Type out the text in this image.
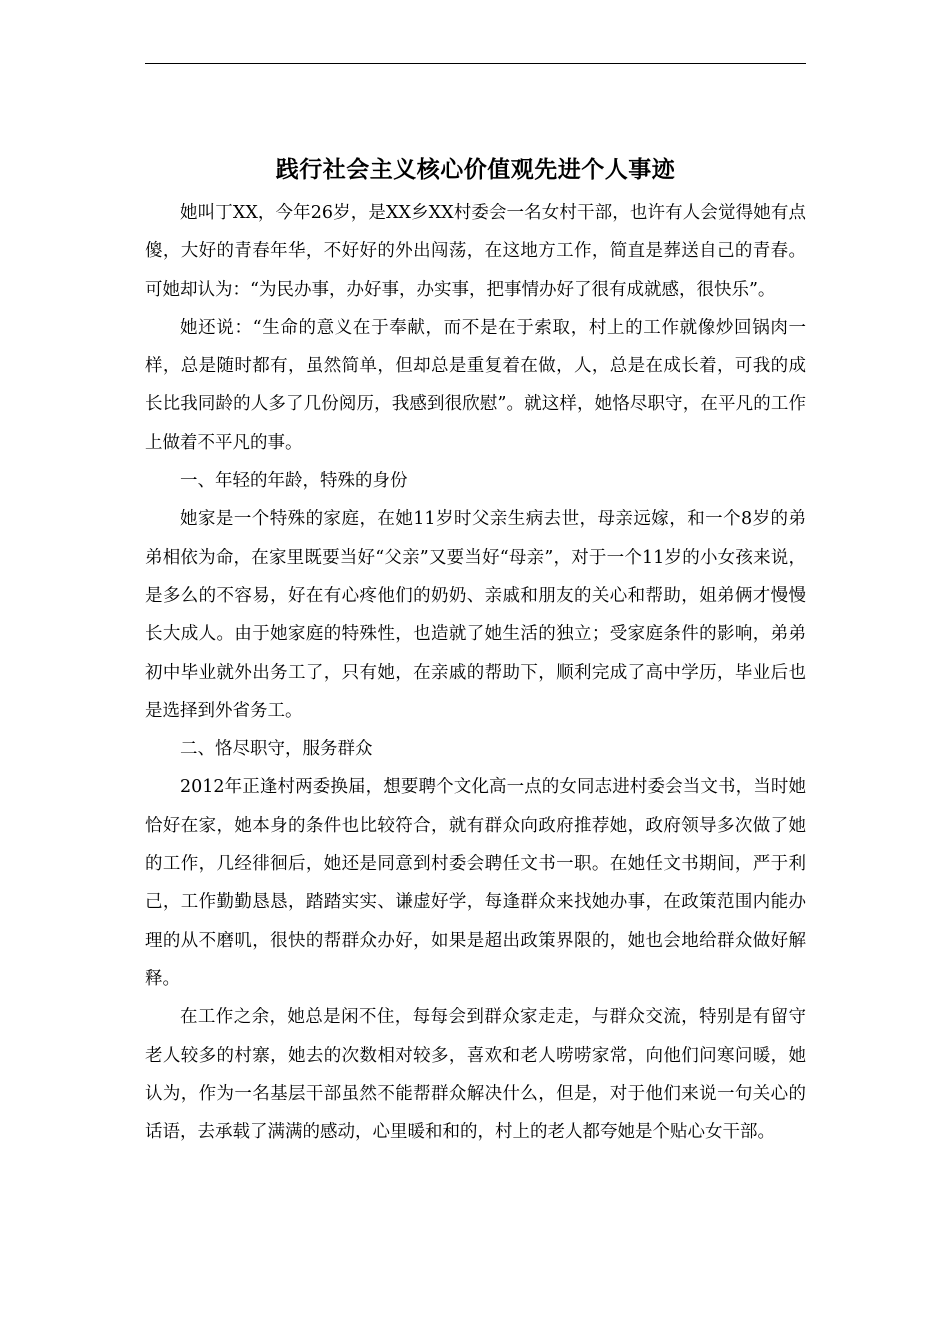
践行社会主义核心价值观先进个人事迹

她叫丁XX，今年26岁，是XX乡XX村委会一名女村干部，也许有人会觉得她有点傻，大好的青春年华，不好好的外出闯荡，在这地方工作，简直是葬送自己的青春。可她却认为：“为民办事，办好事，办实事，把事情办好了很有成就感，很快乐”。

她还说：“生命的意义在于奉献，而不是在于索取，村上的工作就像炒回锅肉一样，总是随时都有，虽然简单，但却总是重复着在做，人，总是在成长着，可我的成长比我同龄的人多了几份阅历，我感到很欣慰”。就这样，她恪尽职守，在平凡的工作上做着不平凡的事。

一、年轻的年龄，特殊的身份

她家是一个特殊的家庭，在她11岁时父亲生病去世，母亲远嫁，和一个8岁的弟弟相依为命，在家里既要当好“父亲”又要当好“母亲”，对于一个11岁的小女孩来说，是多么的不容易，好在有心疼他们的奶奶、亲戚和朋友的关心和帮助，姐弟俩才慢慢长大成人。由于她家庭的特殊性，也造就了她生活的独立；受家庭条件的影响，弟弟初中毕业就外出务工了，只有她，在亲戚的帮助下，顺利完成了高中学历，毕业后也是选择到外省务工。

二、恪尽职守，服务群众

2012年正逢村两委换届，想要聘个文化高一点的女同志进村委会当文书，当时她恰好在家，她本身的条件也比较符合，就有群众向政府推荐她，政府领导多次做了她的工作，几经徘徊后，她还是同意到村委会聘任文书一职。在她任文书期间，严于利己，工作勤勤恳恳，踏踏实实、谦虚好学，每逢群众来找她办事，在政策范围内能办理的从不磨叽，很快的帮群众办好，如果是超出政策界限的，她也会地给群众做好解释。

在工作之余，她总是闲不住，每每会到群众家走走，与群众交流，特别是有留守老人较多的村寨，她去的次数相对较多，喜欢和老人唠唠家常，向他们问寒问暖，她认为，作为一名基层干部虽然不能帮群众解决什么，但是，对于他们来说一句关心的话语，去承载了满满的感动，心里暖和和的，村上的老人都夸她是个贴心女干部。
